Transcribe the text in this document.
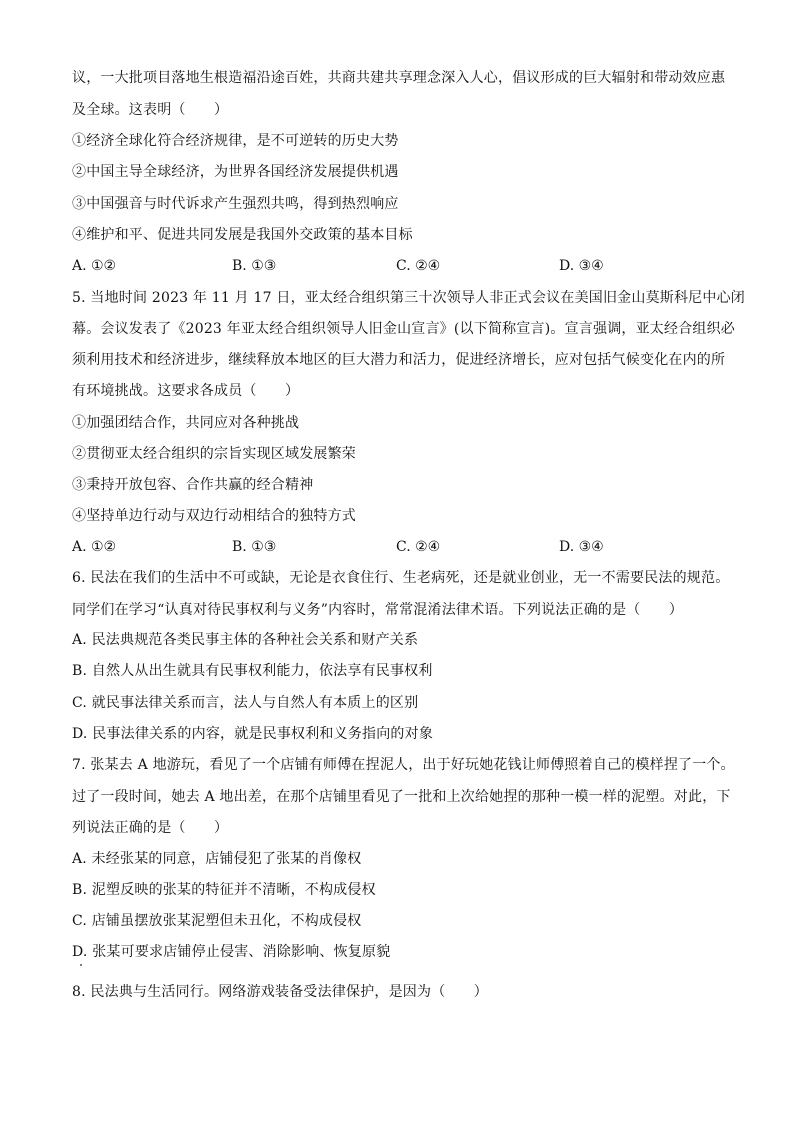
议，一大批项目落地生根造福沿途百姓，共商共建共享理念深入人心，倡议形成的巨大辐射和带动效应惠
及全球。这表明（　　）
①经济全球化符合经济规律，是不可逆转的历史大势
②中国主导全球经济，为世界各国经济发展提供机遇
③中国强音与时代诉求产生强烈共鸣，得到热烈响应
④维护和平、促进共同发展是我国外交政策的基本目标
A. ①②	B. ①③	C. ②④	D. ③④
5. 当地时间 2023 年 11 月 17 日，亚太经合组织第三十次领导人非正式会议在美国旧金山莫斯科尼中心闭
幕。会议发表了《2023 年亚太经合组织领导人旧金山宣言》(以下简称宣言)。宣言强调，亚太经合组织必
须利用技术和经济进步，继续释放本地区的巨大潜力和活力，促进经济增长，应对包括气候变化在内的所
有环境挑战。这要求各成员（　　）
①加强团结合作，共同应对各种挑战
②贯彻亚太经合组织的宗旨实现区域发展繁荣
③秉持开放包容、合作共赢的经合精神
④坚持单边行动与双边行动相结合的独特方式
A. ①②	B. ①③	C. ②④	D. ③④
6. 民法在我们的生活中不可或缺，无论是衣食住行、生老病死，还是就业创业，无一不需要民法的规范。
同学们在学习“认真对待民事权利与义务”内容时，常常混淆法律术语。下列说法正确的是（　　）
A. 民法典规范各类民事主体的各种社会关系和财产关系
B. 自然人从出生就具有民事权利能力，依法享有民事权利
C. 就民事法律关系而言，法人与自然人有本质上的区别
D. 民事法律关系的内容，就是民事权利和义务指向的对象
7. 张某去 A 地游玩，看见了一个店铺有师傅在捏泥人，出于好玩她花钱让师傅照着自己的模样捏了一个。
过了一段时间，她去 A 地出差，在那个店铺里看见了一批和上次给她捏的那种一模一样的泥塑。对此，下
列说法正确的是（　　）
A. 未经张某的同意，店铺侵犯了张某的肖像权
B. 泥塑反映的张某的特征并不清晰，不构成侵权
C. 店铺虽摆放张某泥塑但未丑化，不构成侵权
D. 张某可要求店铺停止侵害、消除影响、恢复原貌
8. 民法典与生活同行。网络游戏装备受法律保护，是因为（　　）
